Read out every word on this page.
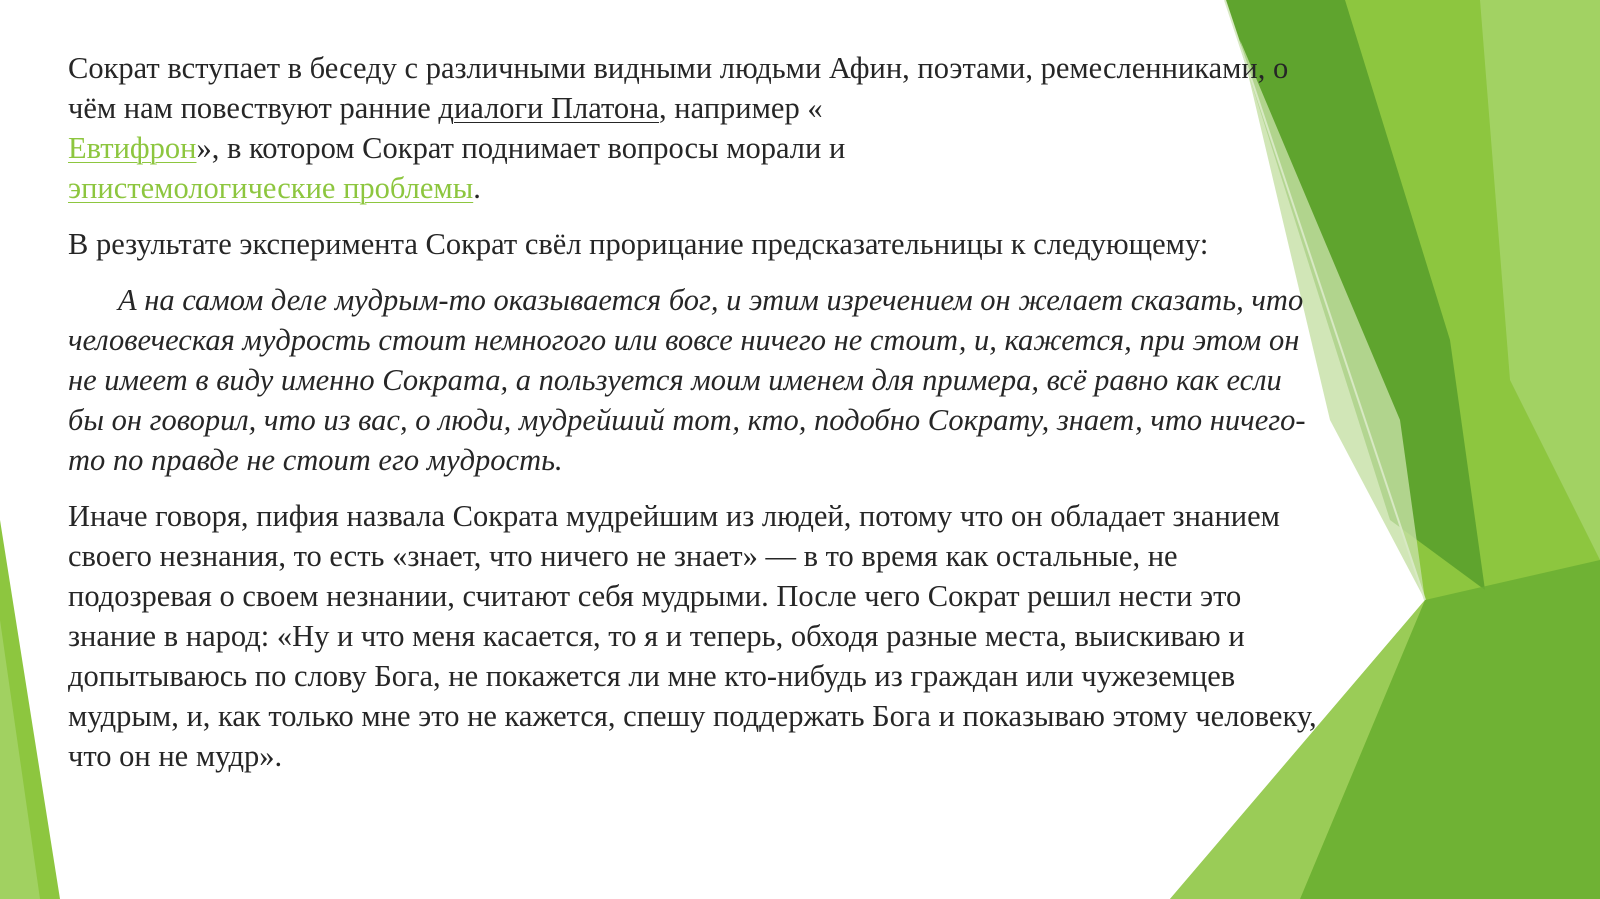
Сократ вступает в беседу с различными видными людьми Афин, поэтами, ремесленниками, о чём нам повествуют ранние диалоги Платона, например «
Евтифрон», в котором Сократ поднимает вопросы морали и
эпистемологические проблемы.

В результате эксперимента Сократ свёл прорицание предсказательницы к следующему:

А на самом деле мудрым-то оказывается бог, и этим изречением он желает сказать, что человеческая мудрость стоит немногого или вовсе ничего не стоит, и, кажется, при этом он не имеет в виду именно Сократа, а пользуется моим именем для примера, всё равно как если бы он говорил, что из вас, о люди, мудрейший тот, кто, подобно Сократу, знает, что ничего-то по правде не стоит его мудрость.

Иначе говоря, пифия назвала Сократа мудрейшим из людей, потому что он обладает знанием своего незнания, то есть «знает, что ничего не знает» — в то время как остальные, не подозревая о своем незнании, считают себя мудрыми. После чего Сократ решил нести это знание в народ: «Ну и что меня касается, то я и теперь, обходя разные места, выискиваю и допытываюсь по слову Бога, не покажется ли мне кто-нибудь из граждан или чужеземцев мудрым, и, как только мне это не кажется, спешу поддержать Бога и показываю этому человеку, что он не мудр».
